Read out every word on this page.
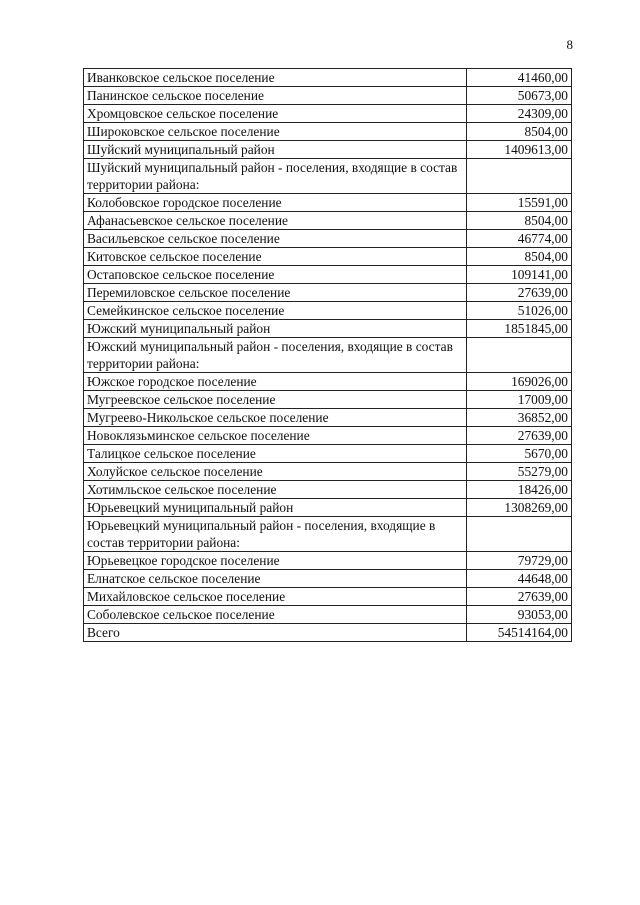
8
Иванковское сельское поселение	41460,00
Панинское сельское поселение	50673,00
Хромцовское сельское поселение	24309,00
Широковское сельское поселение	8504,00
Шуйский муниципальный район	1409613,00
Шуйский муниципальный район - поселения, входящие в состав территории района:	
Колобовское городское поселение	15591,00
Афанасьевское сельское поселение	8504,00
Васильевское сельское поселение	46774,00
Китовское сельское поселение	8504,00
Остаповское сельское поселение	109141,00
Перемиловское сельское поселение	27639,00
Семейкинское сельское поселение	51026,00
Южский муниципальный район	1851845,00
Южский муниципальный район - поселения, входящие в состав территории района:	
Южское городское поселение	169026,00
Мугреевское сельское поселение	17009,00
Мугреево-Никольское сельское поселение	36852,00
Новоклязьминское сельское поселение	27639,00
Талицкое сельское поселение	5670,00
Холуйское сельское поселение	55279,00
Хотимльское сельское поселение	18426,00
Юрьевецкий муниципальный район	1308269,00
Юрьевецкий муниципальный район - поселения, входящие в состав территории района:	
Юрьевецкое городское поселение	79729,00
Елнатское сельское поселение	44648,00
Михайловское сельское поселение	27639,00
Соболевское сельское поселение	93053,00
Всего	54514164,00
